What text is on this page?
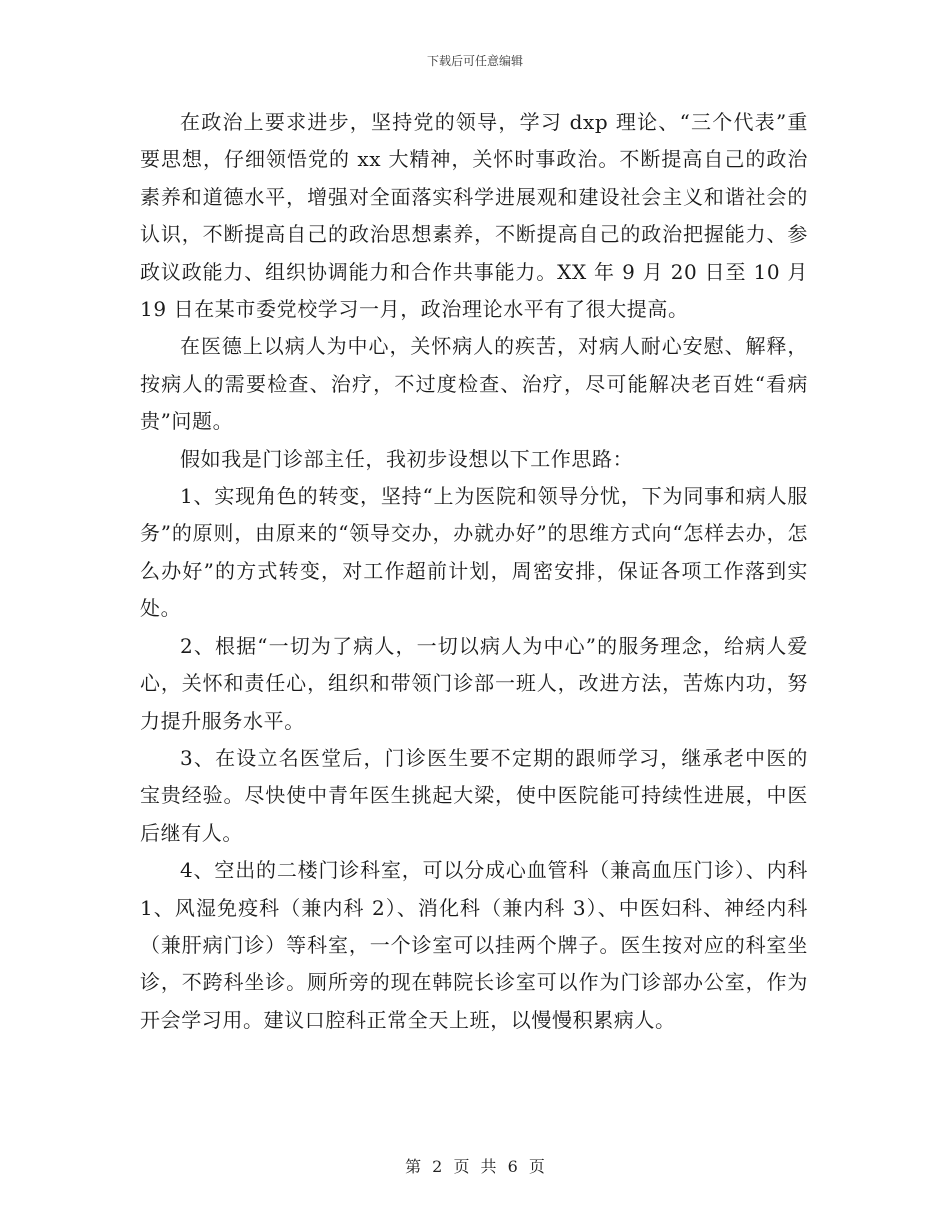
下载后可任意编辑

在政治上要求进步，坚持党的领导，学习 dxp 理论、“三个代表”重要思想，仔细领悟党的 xx 大精神，关怀时事政治。不断提高自己的政治素养和道德水平，增强对全面落实科学进展观和建设社会主义和谐社会的认识，不断提高自己的政治思想素养，不断提高自己的政治把握能力、参政议政能力、组织协调能力和合作共事能力。XX 年 9 月 20 日至 10 月 19 日在某市委党校学习一月，政治理论水平有了很大提高。

在医德上以病人为中心，关怀病人的疾苦，对病人耐心安慰、解释，按病人的需要检查、治疗，不过度检查、治疗，尽可能解决老百姓“看病贵”问题。

假如我是门诊部主任，我初步设想以下工作思路：

1、实现角色的转变，坚持“上为医院和领导分忧，下为同事和病人服务”的原则，由原来的“领导交办，办就办好”的思维方式向“怎样去办，怎么办好”的方式转变，对工作超前计划，周密安排，保证各项工作落到实处。

2、根据“一切为了病人，一切以病人为中心”的服务理念，给病人爱心，关怀和责任心，组织和带领门诊部一班人，改进方法，苦炼内功，努力提升服务水平。

3、在设立名医堂后，门诊医生要不定期的跟师学习，继承老中医的宝贵经验。尽快使中青年医生挑起大梁，使中医院能可持续性进展，中医后继有人。

4、空出的二楼门诊科室，可以分成心血管科（兼高血压门诊）、内科 1、风湿免疫科（兼内科 2）、消化科（兼内科 3）、中医妇科、神经内科（兼肝病门诊）等科室，一个诊室可以挂两个牌子。医生按对应的科室坐诊，不跨科坐诊。厕所旁的现在韩院长诊室可以作为门诊部办公室，作为开会学习用。建议口腔科正常全天上班，以慢慢积累病人。

第 2 页 共 6 页
